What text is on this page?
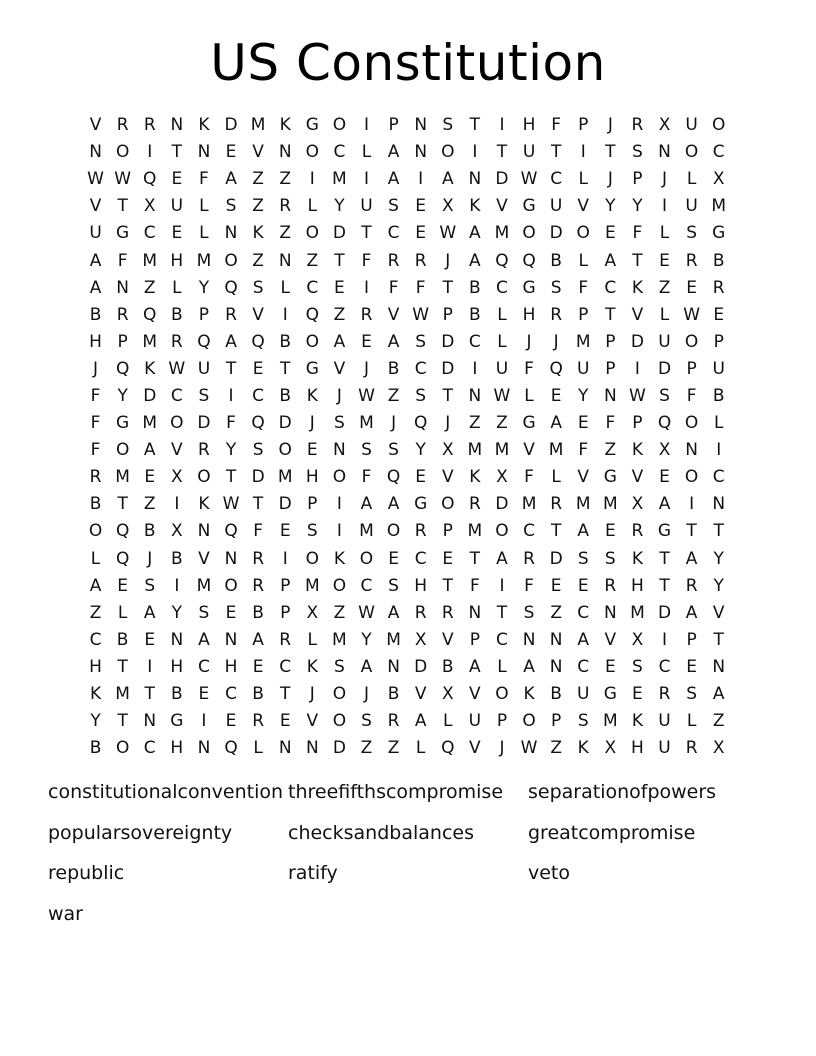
US Constitution
V R R N K D M K G O	I	P N S T	I	H F	P	J	R X U O
N O	I	T N E V N O C L A N O	I	T U T	I	T S N O C
W W Q E F A Z Z	I	M	I	A	I	A N D W C L	J	P	J	L X
V T X U L S Z R L	Y U S E X K V G U V Y Y	I	U M
U G C E L N K Z O D T C E W A M O D O E F	L S G
A F M H M O Z N Z T	F R R	J	A Q Q B L A T E R B
A N Z L	Y Q S L C E	I	F	F	T B C G S F C K Z E R
B R Q B P R V	I	Q Z R V W P B L H R P T V L W E
H P M R Q A Q B O A E A S D C L	J	J	M P D U O P
J	Q K W U T E T G V	J	B C D	I	U F Q U P	I	D P U
F	Y D C S	I	C B K	J W Z S T N W L E Y N W S F B
F G M O D F Q D	J	S M	J	Q	J	Z Z G A E F	P Q O L
F O A V R Y S O E N S S Y X M M V M F Z K X N	I
R M E X O T D M H O F Q E V K X F	L V G V E O C
B T Z	I	K W T D P	I	A A G O R D M R M M X A	I	N
O Q B X N Q F E S	I	M O R P M O C T A E R G T T
L Q	J	B V N R	I	O K O E C E T A R D S S K T A Y
A E S	I	M O R P M O C S H T	F	I	F E E R H T R Y
Z L A Y S E B P X Z W A R R N T S Z C N M D A V
C B E N A N A R L M Y M X V P C N N A V X	I	P T
H T	I	H C H E C K S A N D B A L A N C E S C E N
K M T B E C B T	J	O	J	B V X V O K B U G E R S A
Y T N G	I	E R E V O S R A L U P O P S M K U L Z
B O C H N Q L N N D Z Z L Q V	J W Z K X H U R X
constitutionalconvention threefifthscompromise	separationofpowers
popularsovereignty	checksandbalances	greatcompromise
republic	ratify	veto
war
